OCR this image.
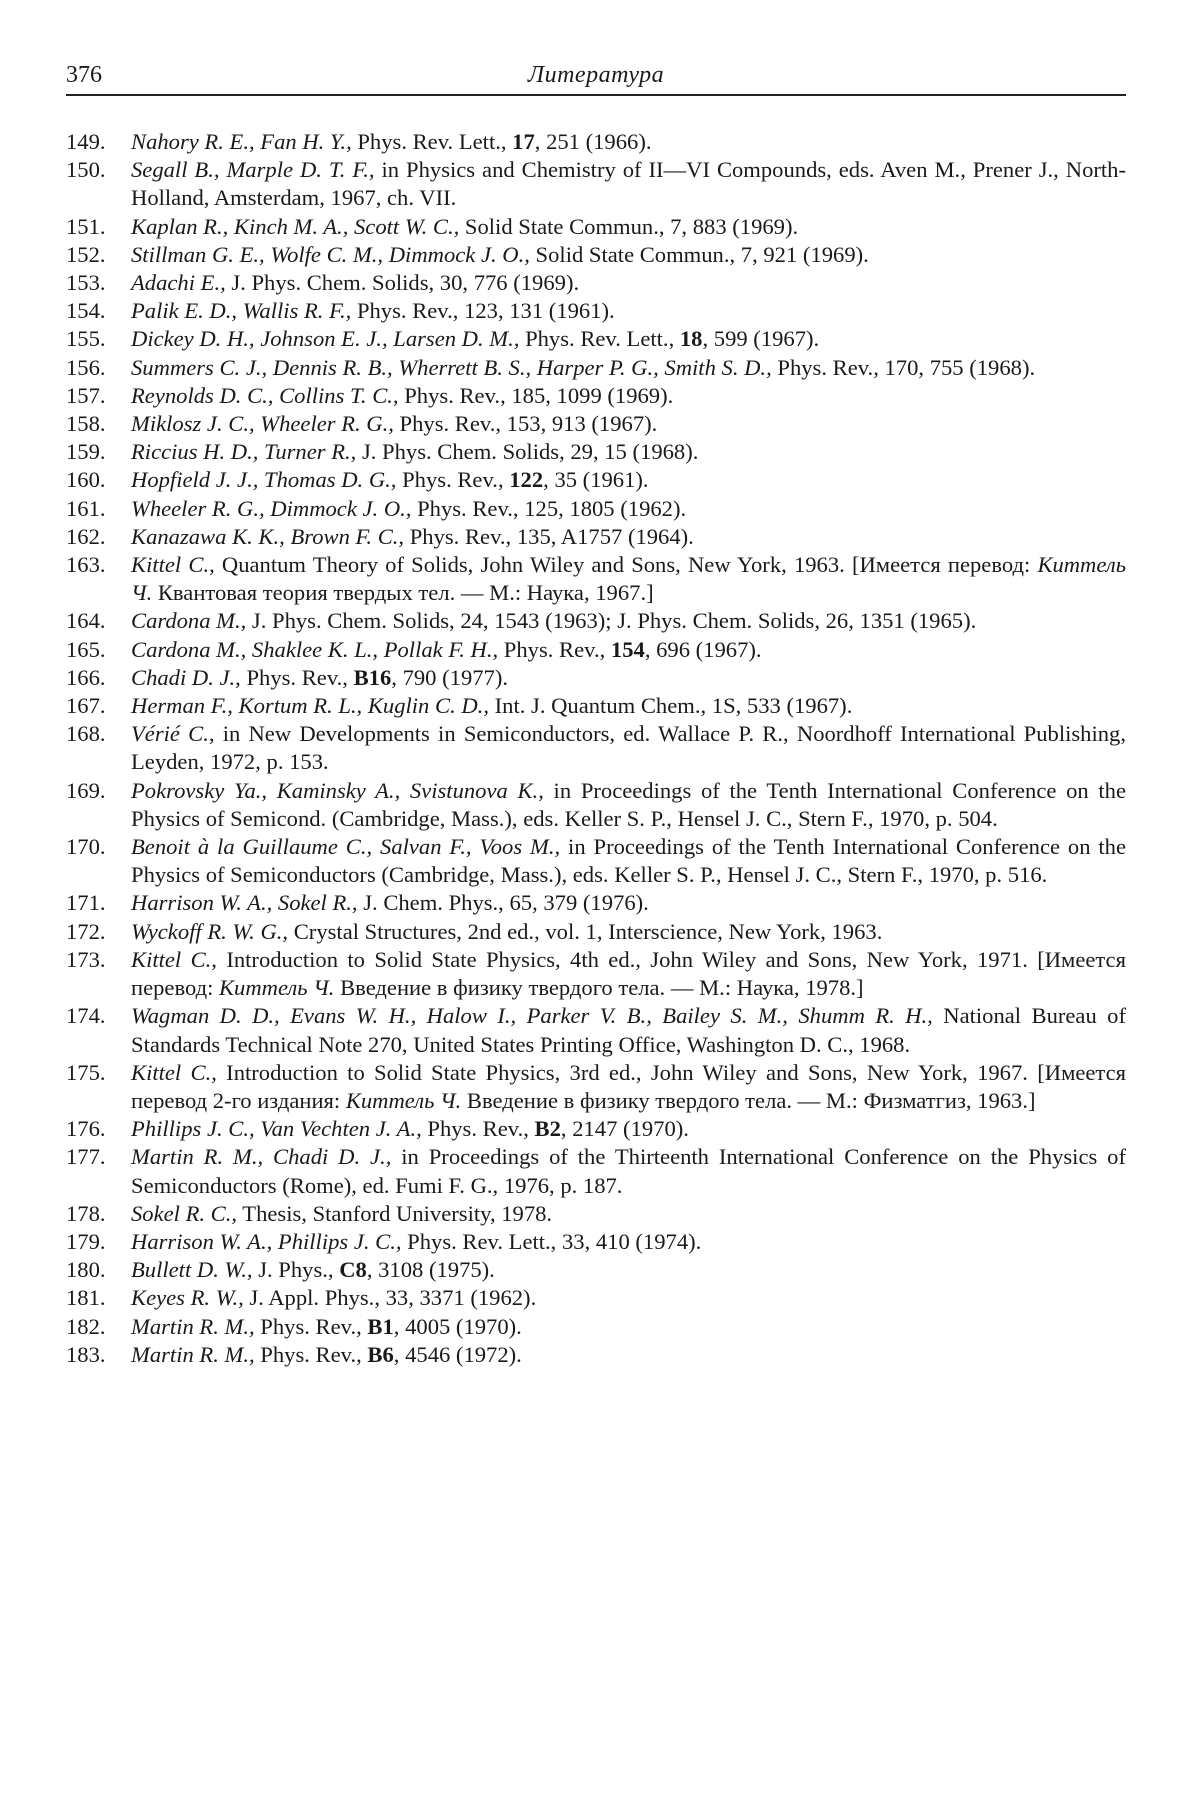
376	Литература
149.	Nahory R. E., Fan H. Y., Phys. Rev. Lett., 17, 251 (1966).
150.	Segall B., Marple D. T. F., in Physics and Chemistry of II—VI Compounds, eds. Aven M., Prener J., North-Holland, Amsterdam, 1967, ch. VII.
151.	Kaplan R., Kinch M. A., Scott W. C., Solid State Commun., 7, 883 (1969).
152.	Stillman G. E., Wolfe C. M., Dimmock J. O., Solid State Commun., 7, 921 (1969).
153.	Adachi E., J. Phys. Chem. Solids, 30, 776 (1969).
154.	Palik E. D., Wallis R. F., Phys. Rev., 123, 131 (1961).
155.	Dickey D. H., Johnson E. J., Larsen D. M., Phys. Rev. Lett., 18, 599 (1967).
156.	Summers C. J., Dennis R. B., Wherrett B. S., Harper P. G., Smith S. D., Phys. Rev., 170, 755 (1968).
157.	Reynolds D. C., Collins T. C., Phys. Rev., 185, 1099 (1969).
158.	Miklosz J. C., Wheeler R. G., Phys. Rev., 153, 913 (1967).
159.	Riccius H. D., Turner R., J. Phys. Chem. Solids, 29, 15 (1968).
160.	Hopfield J. J., Thomas D. G., Phys. Rev., 122, 35 (1961).
161.	Wheeler R. G., Dimmock J. O., Phys. Rev., 125, 1805 (1962).
162.	Kanazawa K. K., Brown F. C., Phys. Rev., 135, A1757 (1964).
163.	Kittel C., Quantum Theory of Solids, John Wiley and Sons, New York, 1963. [Имеется перевод: Киттель Ч. Квантовая теория твердых тел. — М.: Наука, 1967.]
164.	Cardona M., J. Phys. Chem. Solids, 24, 1543 (1963); J. Phys. Chem. Solids, 26, 1351 (1965).
165.	Cardona M., Shaklee K. L., Pollak F. H., Phys. Rev., 154, 696 (1967).
166.	Chadi D. J., Phys. Rev., B16, 790 (1977).
167.	Herman F., Kortum R. L., Kuglin C. D., Int. J. Quantum Chem., 1S, 533 (1967).
168.	Vérié C., in New Developments in Semiconductors, ed. Wallace P. R., Noordhoff International Publishing, Leyden, 1972, p. 153.
169.	Pokrovsky Ya., Kaminsky A., Svistunova K., in Proceedings of the Tenth International Conference on the Physics of Semicond. (Cambridge, Mass.), eds. Keller S. P., Hensel J. C., Stern F., 1970, p. 504.
170.	Benoit à la Guillaume C., Salvan F., Voos M., in Proceedings of the Tenth International Conference on the Physics of Semiconductors (Cambridge, Mass.), eds. Keller S. P., Hensel J. C., Stern F., 1970, p. 516.
171.	Harrison W. A., Sokel R., J. Chem. Phys., 65, 379 (1976).
172.	Wyckoff R. W. G., Crystal Structures, 2nd ed., vol. 1, Interscience, New York, 1963.
173.	Kittel C., Introduction to Solid State Physics, 4th ed., John Wiley and Sons, New York, 1971. [Имеется перевод: Киттель Ч. Введение в физику твердого тела. — М.: Наука, 1978.]
174.	Wagman D. D., Evans W. H., Halow I., Parker V. B., Bailey S. M., Shumm R. H., National Bureau of Standards Technical Note 270, United States Printing Office, Washington D. C., 1968.
175.	Kittel C., Introduction to Solid State Physics, 3rd ed., John Wiley and Sons, New York, 1967. [Имеется перевод 2-го издания: Киттель Ч. Введение в физику твердого тела. — М.: Физматгиз, 1963.]
176.	Phillips J. C., Van Vechten J. A., Phys. Rev., B2, 2147 (1970).
177.	Martin R. M., Chadi D. J., in Proceedings of the Thirteenth International Conference on the Physics of Semiconductors (Rome), ed. Fumi F. G., 1976, p. 187.
178.	Sokel R. C., Thesis, Stanford University, 1978.
179.	Harrison W. A., Phillips J. C., Phys. Rev. Lett., 33, 410 (1974).
180.	Bullett D. W., J. Phys., C8, 3108 (1975).
181.	Keyes R. W., J. Appl. Phys., 33, 3371 (1962).
182.	Martin R. M., Phys. Rev., B1, 4005 (1970).
183.	Martin R. M., Phys. Rev., B6, 4546 (1972).
